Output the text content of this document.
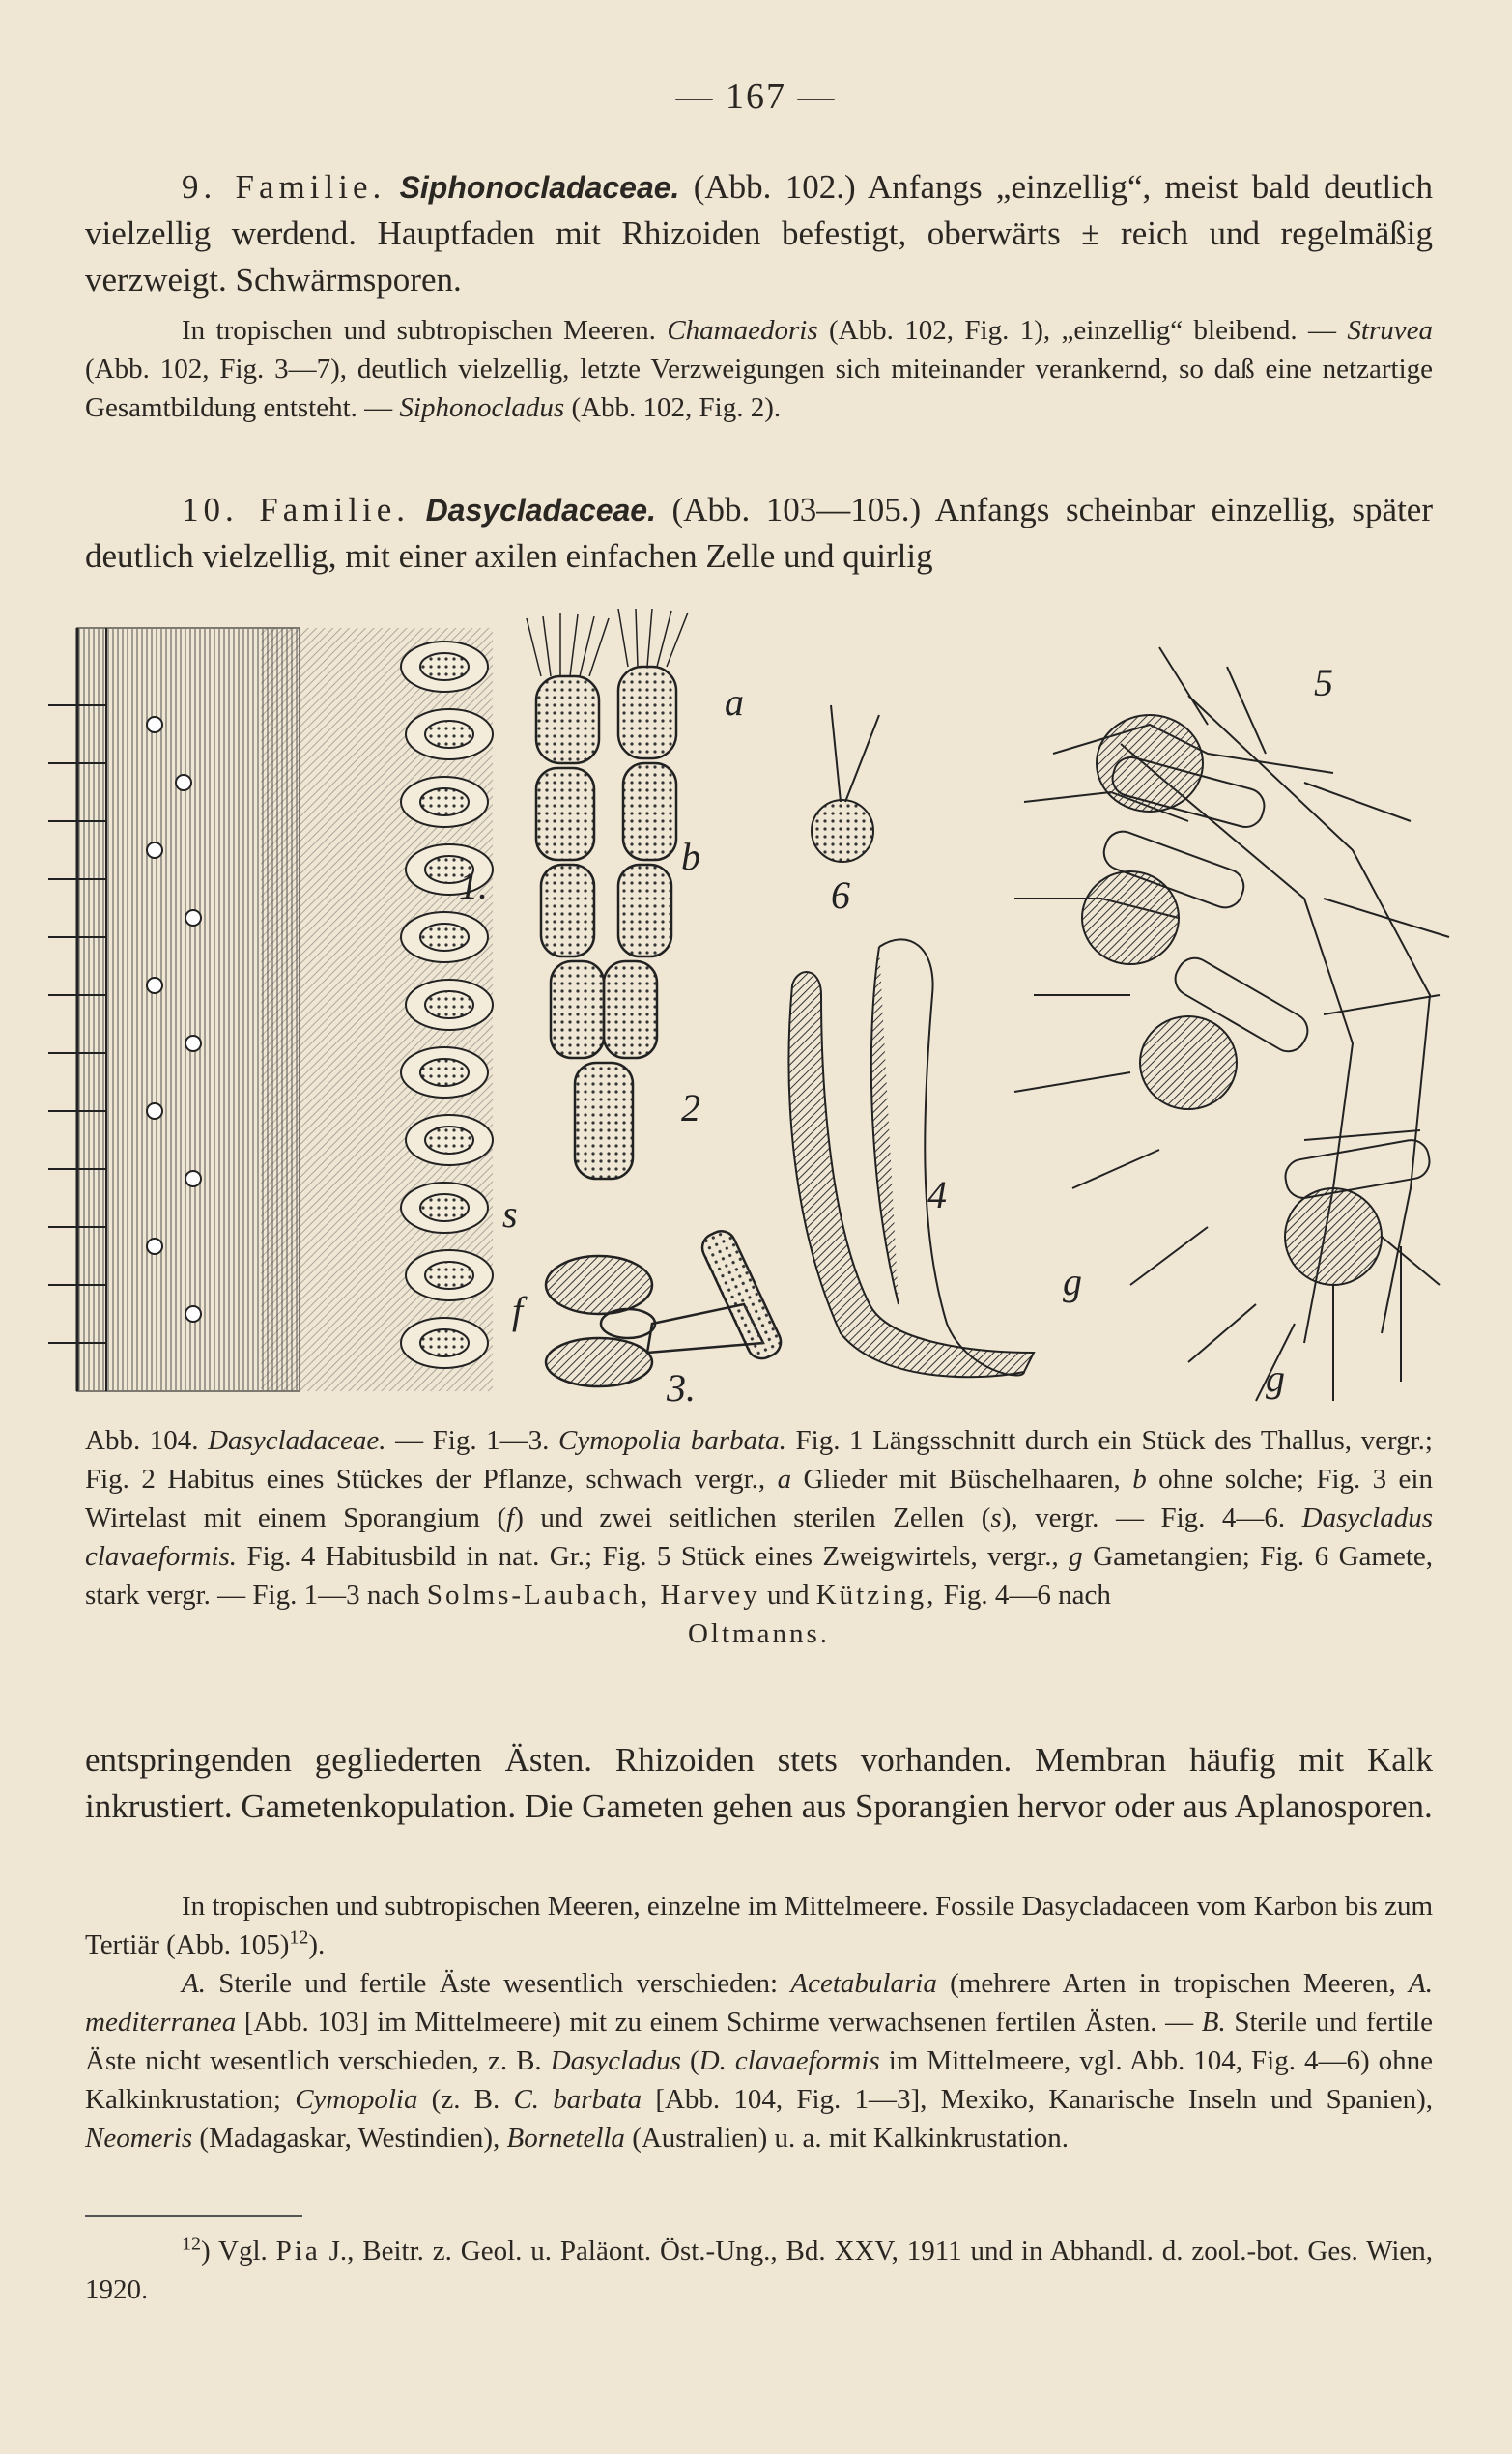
— 167 —
9. Familie. Siphonocladaceae. (Abb. 102.) Anfangs „einzellig“, meist bald deutlich vielzellig werdend. Hauptfaden mit Rhizoiden befestigt, oberwärts ± reich und regelmäßig verzweigt. Schwärmsporen.
In tropischen und subtropischen Meeren. Chamaedoris (Abb. 102, Fig. 1), „einzellig“ bleibend. — Struvea (Abb. 102, Fig. 3—7), deutlich vielzellig, letzte Verzweigungen sich miteinander verankernd, so daß eine netzartige Gesamtbildung entsteht. — Siphonocladus (Abb. 102, Fig. 2).
10. Familie. Dasycladaceae. (Abb. 103—105.) Anfangs scheinbar einzellig, später deutlich vielzellig, mit einer axilen einfachen Zelle und quirlig
1.
a
b
2
s
f
3.
6
4
5
g
g
Abb. 104. Dasycladaceae. — Fig. 1—3. Cymopolia barbata. Fig. 1 Längsschnitt durch ein Stück des Thallus, vergr.; Fig. 2 Habitus eines Stückes der Pflanze, schwach vergr., a Glieder mit Büschelhaaren, b ohne solche; Fig. 3 ein Wirtelast mit einem Sporangium (f) und zwei seitlichen sterilen Zellen (s), vergr. — Fig. 4—6. Dasycladus clavaeformis. Fig. 4 Habitusbild in nat. Gr.; Fig. 5 Stück eines Zweigwirtels, vergr., g Gametangien; Fig. 6 Gamete, stark vergr. — Fig. 1—3 nach Solms-Laubach, Harvey und Kützing, Fig. 4—6 nach
Oltmanns.
entspringenden gegliederten Ästen. Rhizoiden stets vorhanden. Membran häufig mit Kalk inkrustiert. Gametenkopulation. Die Gameten gehen aus Sporangien hervor oder aus Aplanosporen.
In tropischen und subtropischen Meeren, einzelne im Mittelmeere. Fossile Dasycladaceen vom Karbon bis zum Tertiär (Abb. 105)$^{12}$).
A. Sterile und fertile Äste wesentlich verschieden: Acetabularia (mehrere Arten in tropischen Meeren, A. mediterranea [Abb. 103] im Mittelmeere) mit zu einem Schirme verwachsenen fertilen Ästen. — B. Sterile und fertile Äste nicht wesentlich verschieden, z. B. Dasycladus (D. clavaeformis im Mittelmeere, vgl. Abb. 104, Fig. 4—6) ohne Kalkinkrustation; Cymopolia (z. B. C. barbata [Abb. 104, Fig. 1—3], Mexiko, Kanarische Inseln und Spanien), Neomeris (Madagaskar, Westindien), Bornetella (Australien) u. a. mit Kalkinkrustation.
$^{12}$) Vgl. Pia J., Beitr. z. Geol. u. Paläont. Öst.-Ung., Bd. XXV, 1911 und in Abhandl. d. zool.-bot. Ges. Wien, 1920.
